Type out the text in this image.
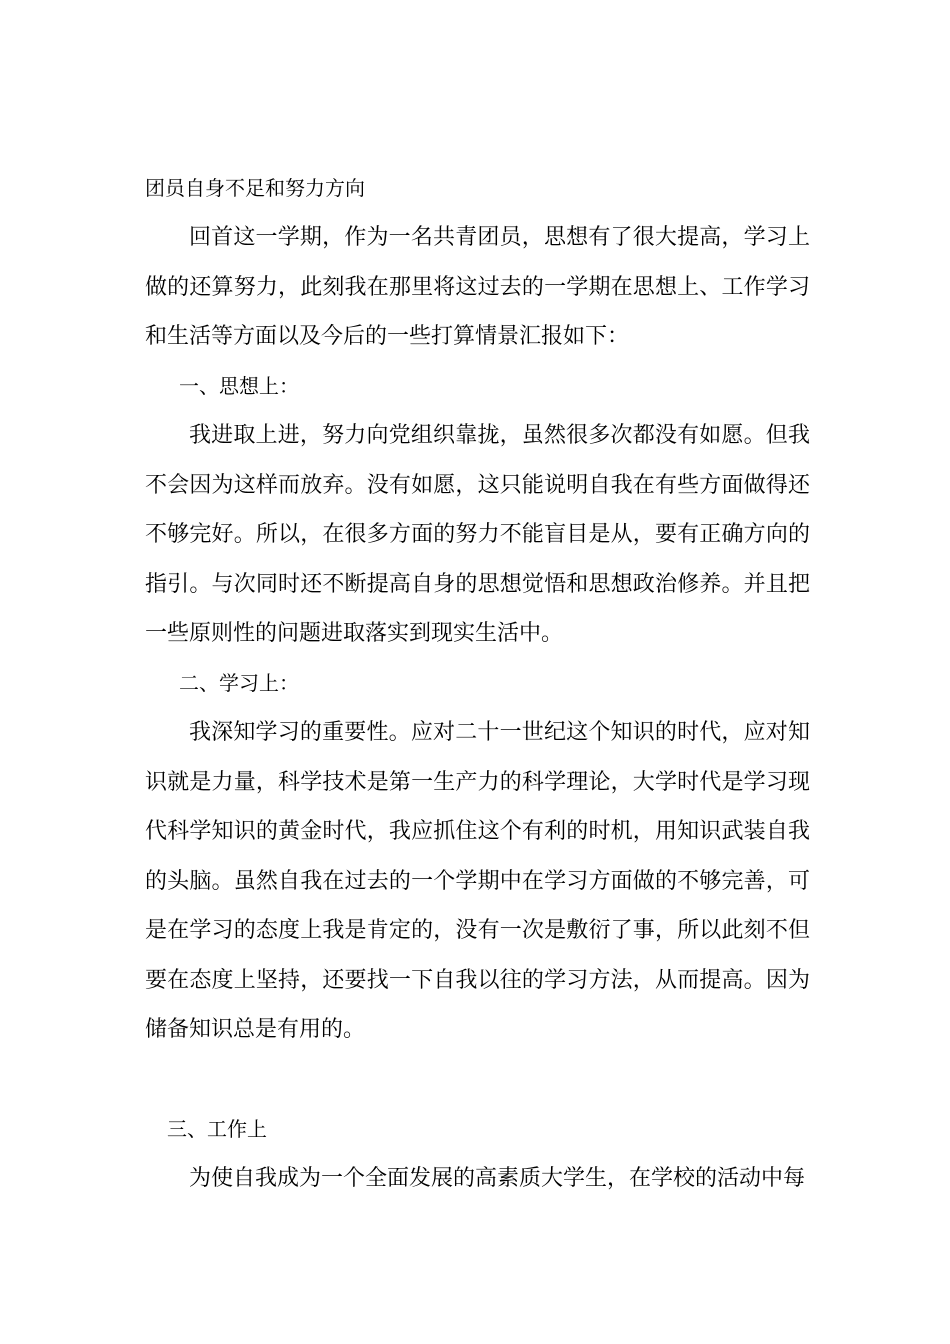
团员自身不足和努力方向

回首这一学期，作为一名共青团员，思想有了很大提高，学习上做的还算努力，此刻我在那里将这过去的一学期在思想上、工作学习和生活等方面以及今后的一些打算情景汇报如下：

一、思想上：

我进取上进，努力向党组织靠拢，虽然很多次都没有如愿。但我不会因为这样而放弃。没有如愿，这只能说明自我在有些方面做得还不够完好。所以，在很多方面的努力不能盲目是从，要有正确方向的指引。与次同时还不断提高自身的思想觉悟和思想政治修养。并且把一些原则性的问题进取落实到现实生活中。

二、学习上：

我深知学习的重要性。应对二十一世纪这个知识的时代，应对知识就是力量，科学技术是第一生产力的科学理论，大学时代是学习现代科学知识的黄金时代，我应抓住这个有利的时机，用知识武装自我的头脑。虽然自我在过去的一个学期中在学习方面做的不够完善，可是在学习的态度上我是肯定的，没有一次是敷衍了事，所以此刻不但要在态度上坚持，还要找一下自我以往的学习方法，从而提高。因为储备知识总是有用的。

三、工作上

为使自我成为一个全面发展的高素质大学生，在学校的活动中每
